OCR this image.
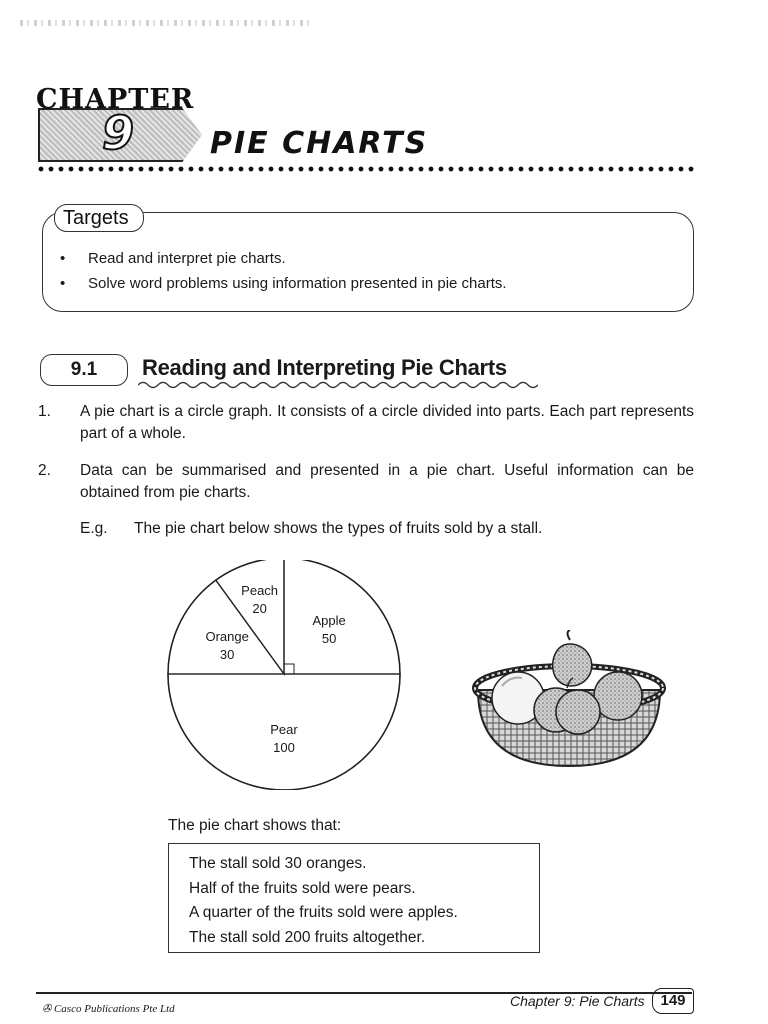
CHAPTER
9	PIE CHARTS
Targets
• Read and interpret pie charts.
• Solve word problems using information presented in pie charts.
9.1	Reading and Interpreting Pie Charts
1. A pie chart is a circle graph. It consists of a circle divided into parts. Each part represents part of a whole.
2. Data can be summarised and presented in a pie chart. Useful information can be obtained from pie charts.
E.g. The pie chart below shows the types of fruits sold by a stall.
Apple
50
Pear
100
Orange
30
Peach
20
The pie chart shows that:
The stall sold 30 oranges.
Half of the fruits sold were pears.
A quarter of the fruits sold were apples.
The stall sold 200 fruits altogether.
✇ Casco Publications Pte Ltd	Chapter 9: Pie Charts	149
